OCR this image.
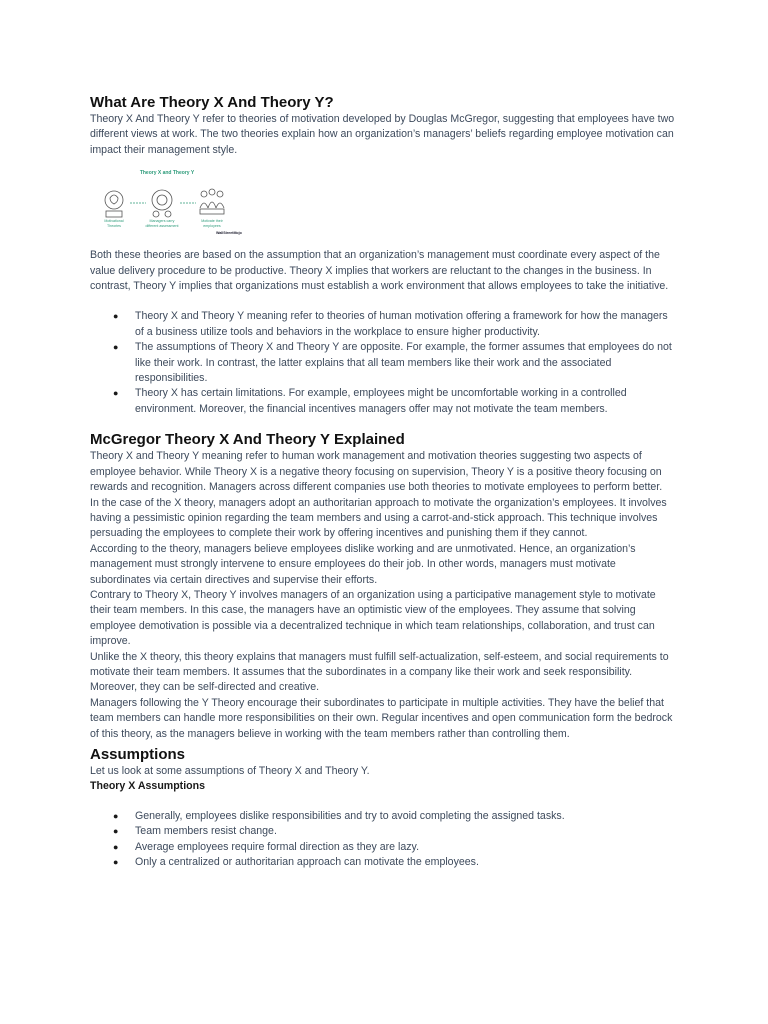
What Are Theory X And Theory Y?

Theory X And Theory Y refer to theories of motivation developed by Douglas McGregor, suggesting that employees have two different views at work. The two theories explain how an organization’s managers’ beliefs regarding employee motivation can impact their management style.

Theory X and Theory Y
Motivational Theories
Managers carry different assessment
Motivate their employees
WallStreetMojo

Both these theories are based on the assumption that an organization’s management must coordinate every aspect of the value delivery procedure to be productive. Theory X implies that workers are reluctant to the changes in the business. In contrast, Theory Y implies that organizations must establish a work environment that allows employees to take the initiative.

● Theory X and Theory Y meaning refer to theories of human motivation offering a framework for how the managers of a business utilize tools and behaviors in the workplace to ensure higher productivity.
● The assumptions of Theory X and Theory Y are opposite. For example, the former assumes that employees do not like their work. In contrast, the latter explains that all team members like their work and the associated responsibilities.
● Theory X has certain limitations. For example, employees might be uncomfortable working in a controlled environment. Moreover, the financial incentives managers offer may not motivate the team members.
McGregor Theory X And Theory Y Explained

Theory X and Theory Y meaning refer to human work management and motivation theories suggesting two aspects of employee behavior. While Theory X is a negative theory focusing on supervision, Theory Y is a positive theory focusing on rewards and recognition. Managers across different companies use both theories to motivate employees to perform better.

In the case of the X theory, managers adopt an authoritarian approach to motivate the organization’s employees. It involves having a pessimistic opinion regarding the team members and using a carrot-and-stick approach. This technique involves persuading the employees to complete their work by offering incentives and punishing them if they cannot.

According to the theory, managers believe employees dislike working and are unmotivated. Hence, an organization’s management must strongly intervene to ensure employees do their job. In other words, managers must motivate subordinates via certain directives and supervise their efforts.

Contrary to Theory X, Theory Y involves managers of an organization using a participative management style to motivate their team members. In this case, the managers have an optimistic view of the employees. They assume that solving employee demotivation is possible via a decentralized technique in which team relationships, collaboration, and trust can improve.

Unlike the X theory, this theory explains that managers must fulfill self-actualization, self-esteem, and social requirements to motivate their team members. It assumes that the subordinates in a company like their work and seek responsibility. Moreover, they can be self-directed and creative.

Managers following the Y Theory encourage their subordinates to participate in multiple activities. They have the belief that team members can handle more responsibilities on their own. Regular incentives and open communication form the bedrock of this theory, as the managers believe in working with the team members rather than controlling them.

Assumptions

Let us look at some assumptions of Theory X and Theory Y.

Theory X Assumptions

● Generally, employees dislike responsibilities and try to avoid completing the assigned tasks.
● Team members resist change.
● Average employees require formal direction as they are lazy.
● Only a centralized or authoritarian approach can motivate the employees.
